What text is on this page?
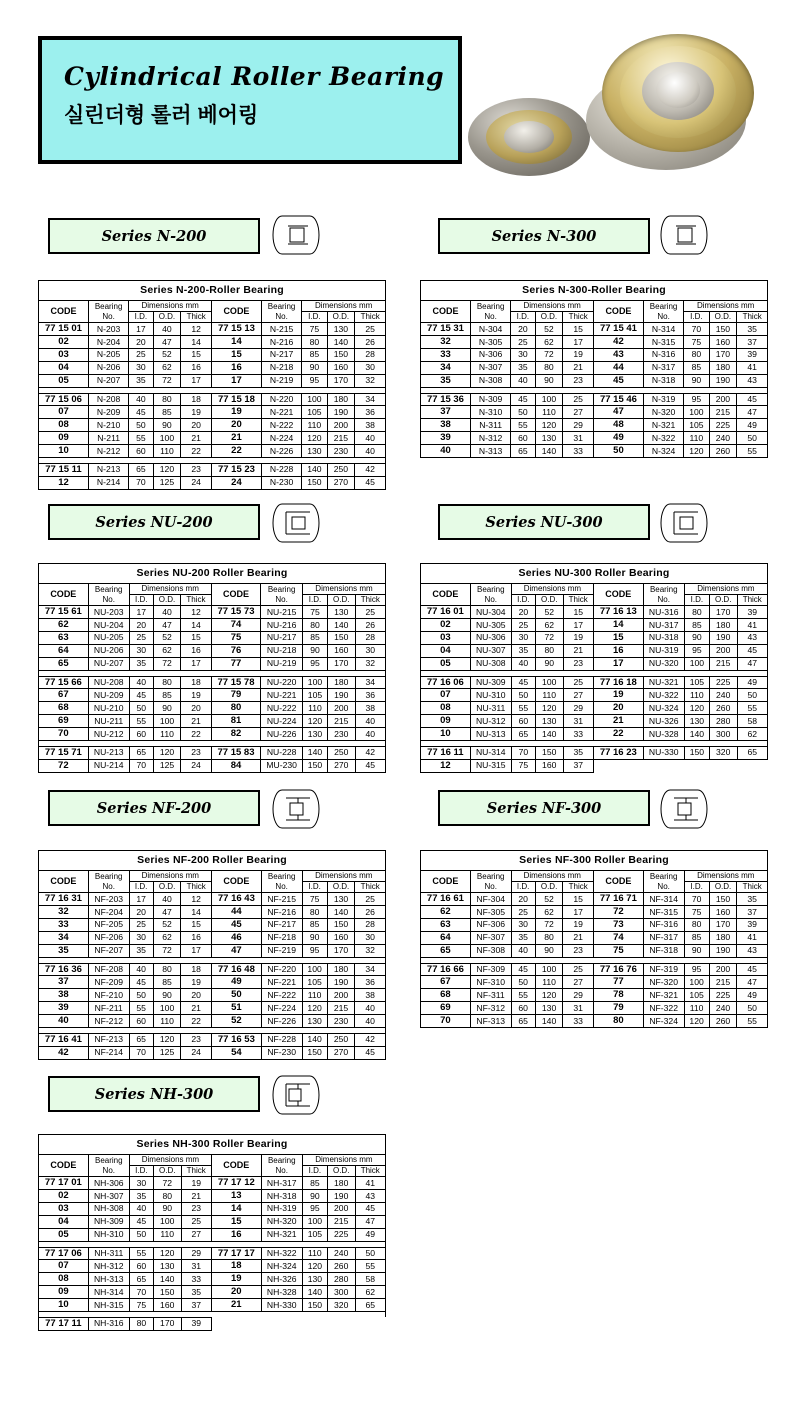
Cylindrical Roller Bearing
실린더형 롤러 베어링
Series N-200	Series N-300
Series NU-200	Series NU-300
Series NF-200	Series NF-300
Series NH-300
Series N-200-Roller Bearing									
CODE	Bearing
No.	Dimensions mm			CODE	Bearing
No.	Dimensions mm		
		I.D.	O.D.	Thick			I.D.	O.D.	Thick
77 15 01	N-203	17	40	12	77 15 13	N-215	75	130	25
02	N-204	20	47	14	14	N-216	80	140	26
03	N-205	25	52	15	15	N-217	85	150	28
04	N-206	30	62	16	16	N-218	90	160	30
05	N-207	35	72	17	17	N-219	95	170	32

77 15 06	N-208	40	80	18	77 15 18	N-220	100	180	34
07	N-209	45	85	19	19	N-221	105	190	36
08	N-210	50	90	20	20	N-222	110	200	38
09	N-211	55	100	21	21	N-224	120	215	40
10	N-212	60	110	22	22	N-226	130	230	40

77 15 11	N-213	65	120	23	77 15 23	N-228	140	250	42
12	N-214	70	125	24	24	N-230	150	270	45
Series N-300-Roller Bearing									
CODE	Bearing
No.	Dimensions mm			CODE	Bearing
No.	Dimensions mm		
		I.D.	O.D.	Thick			I.D.	O.D.	Thick
77 15 31	N-304	20	52	15	77 15 41	N-314	70	150	35
32	N-305	25	62	17	42	N-315	75	160	37
33	N-306	30	72	19	43	N-316	80	170	39
34	N-307	35	80	21	44	N-317	85	180	41
35	N-308	40	90	23	45	N-318	90	190	43

77 15 36	N-309	45	100	25	77 15 46	N-319	95	200	45
37	N-310	50	110	27	47	N-320	100	215	47
38	N-311	55	120	29	48	N-321	105	225	49
39	N-312	60	130	31	49	N-322	110	240	50
40	N-313	65	140	33	50	N-324	120	260	55
Series NU-200 Roller Bearing									
CODE	Bearing
No.	Dimensions mm			CODE	Bearing
No.	Dimensions mm		
		I.D.	O.D.	Thick			I.D.	O.D.	Thick
77 15 61	NU-203	17	40	12	77 15 73	NU-215	75	130	25
62	NU-204	20	47	14	74	NU-216	80	140	26
63	NU-205	25	52	15	75	NU-217	85	150	28
64	NU-206	30	62	16	76	NU-218	90	160	30
65	NU-207	35	72	17	77	NU-219	95	170	32

77 15 66	NU-208	40	80	18	77 15 78	NU-220	100	180	34
67	NU-209	45	85	19	79	NU-221	105	190	36
68	NU-210	50	90	20	80	NU-222	110	200	38
69	NU-211	55	100	21	81	NU-224	120	215	40
70	NU-212	60	110	22	82	NU-226	130	230	40

77 15 71	NU-213	65	120	23	77 15 83	NU-228	140	250	42
72	NU-214	70	125	24	84	MU-230	150	270	45
Series NU-300 Roller Bearing									
CODE	Bearing
No.	Dimensions mm			CODE	Bearing
No.	Dimensions mm		
		I.D.	O.D.	Thick			I.D.	O.D.	Thick
77 16 01	NU-304	20	52	15	77 16 13	NU-316	80	170	39
02	NU-305	25	62	17	14	NU-317	85	180	41
03	NU-306	30	72	19	15	NU-318	90	190	43
04	NU-307	35	80	21	16	NU-319	95	200	45
05	NU-308	40	90	23	17	NU-320	100	215	47

77 16 06	NU-309	45	100	25	77 16 18	NU-321	105	225	49
07	NU-310	50	110	27	19	NU-322	110	240	50
08	NU-311	55	120	29	20	NU-324	120	260	55
09	NU-312	60	130	31	21	NU-326	130	280	58
10	NU-313	65	140	33	22	NU-328	140	300	62

77 16 11	NU-314	70	150	35	77 16 23	NU-330	150	320	65
12	NU-315	75	160	37					
Series NF-200 Roller Bearing									
CODE	Bearing
No.	Dimensions mm			CODE	Bearing
No.	Dimensions mm		
		I.D.	O.D.	Thick			I.D.	O.D.	Thick
77 16 31	NF-203	17	40	12	77 16 43	NF-215	75	130	25
32	NF-204	20	47	14	44	NF-216	80	140	26
33	NF-205	25	52	15	45	NF-217	85	150	28
34	NF-206	30	62	16	46	NF-218	90	160	30
35	NF-207	35	72	17	47	NF-219	95	170	32

77 16 36	NF-208	40	80	18	77 16 48	NF-220	100	180	34
37	NF-209	45	85	19	49	NF-221	105	190	36
38	NF-210	50	90	20	50	NF-222	110	200	38
39	NF-211	55	100	21	51	NF-224	120	215	40
40	NF-212	60	110	22	52	NF-226	130	230	40

77 16 41	NF-213	65	120	23	77 16 53	NF-228	140	250	42
42	NF-214	70	125	24	54	NF-230	150	270	45
Series NF-300 Roller Bearing									
CODE	Bearing
No.	Dimensions mm			CODE	Bearing
No.	Dimensions mm		
		I.D.	O.D.	Thick			I.D.	O.D.	Thick
77 16 61	NF-304	20	52	15	77 16 71	NF-314	70	150	35
62	NF-305	25	62	17	72	NF-315	75	160	37
63	NF-306	30	72	19	73	NF-316	80	170	39
64	NF-307	35	80	21	74	NF-317	85	180	41
65	NF-308	40	90	23	75	NF-318	90	190	43

77 16 66	NF-309	45	100	25	77 16 76	NF-319	95	200	45
67	NF-310	50	110	27	77	NF-320	100	215	47
68	NF-311	55	120	29	78	NF-321	105	225	49
69	NF-312	60	130	31	79	NF-322	110	240	50
70	NF-313	65	140	33	80	NF-324	120	260	55
Series NH-300 Roller Bearing									
CODE	Bearing
No.	Dimensions mm			CODE	Bearing
No.	Dimensions mm		
		I.D.	O.D.	Thick			I.D.	O.D.	Thick
77 17 01	NH-306	30	72	19	77 17 12	NH-317	85	180	41
02	NH-307	35	80	21	13	NH-318	90	190	43
03	NH-308	40	90	23	14	NH-319	95	200	45
04	NH-309	45	100	25	15	NH-320	100	215	47
05	NH-310	50	110	27	16	NH-321	105	225	49

77 17 06	NH-311	55	120	29	77 17 17	NH-322	110	240	50
07	NH-312	60	130	31	18	NH-324	120	260	55
08	NH-313	65	140	33	19	NH-326	130	280	58
09	NH-314	70	150	35	20	NH-328	140	300	62
10	NH-315	75	160	37	21	NH-330	150	320	65

77 17 11	NH-316	80	170	39					
